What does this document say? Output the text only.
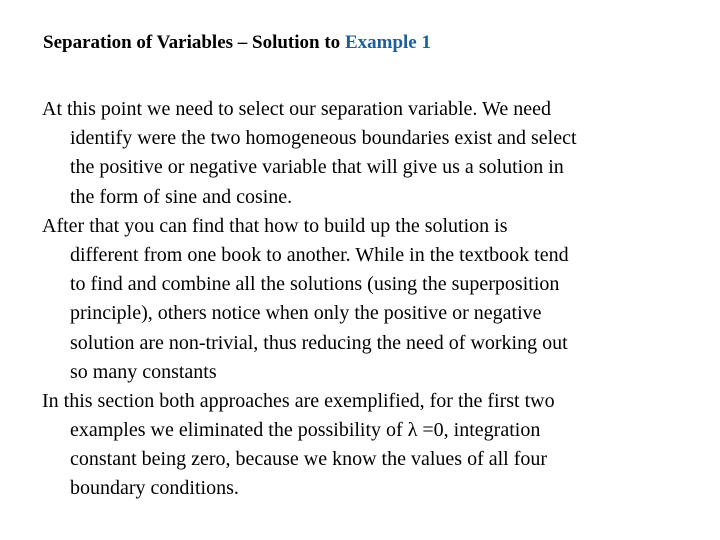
Separation of Variables – Solution to Example 1

At this point we need to select our separation variable. We need
identify were the two homogeneous boundaries exist and select
the positive or negative variable that will give us a solution in
the form of sine and cosine.

After that you can find that how to build up the solution is
different from one book to another. While in the textbook tend
to find and combine all the solutions (using the superposition
principle), others notice when only the positive or negative
solution are non-trivial, thus reducing the need of working out
so many constants

In this section both approaches are exemplified, for the first two
examples we eliminated the possibility of λ =0, integration
constant being zero, because we know the values of all four
boundary conditions.
